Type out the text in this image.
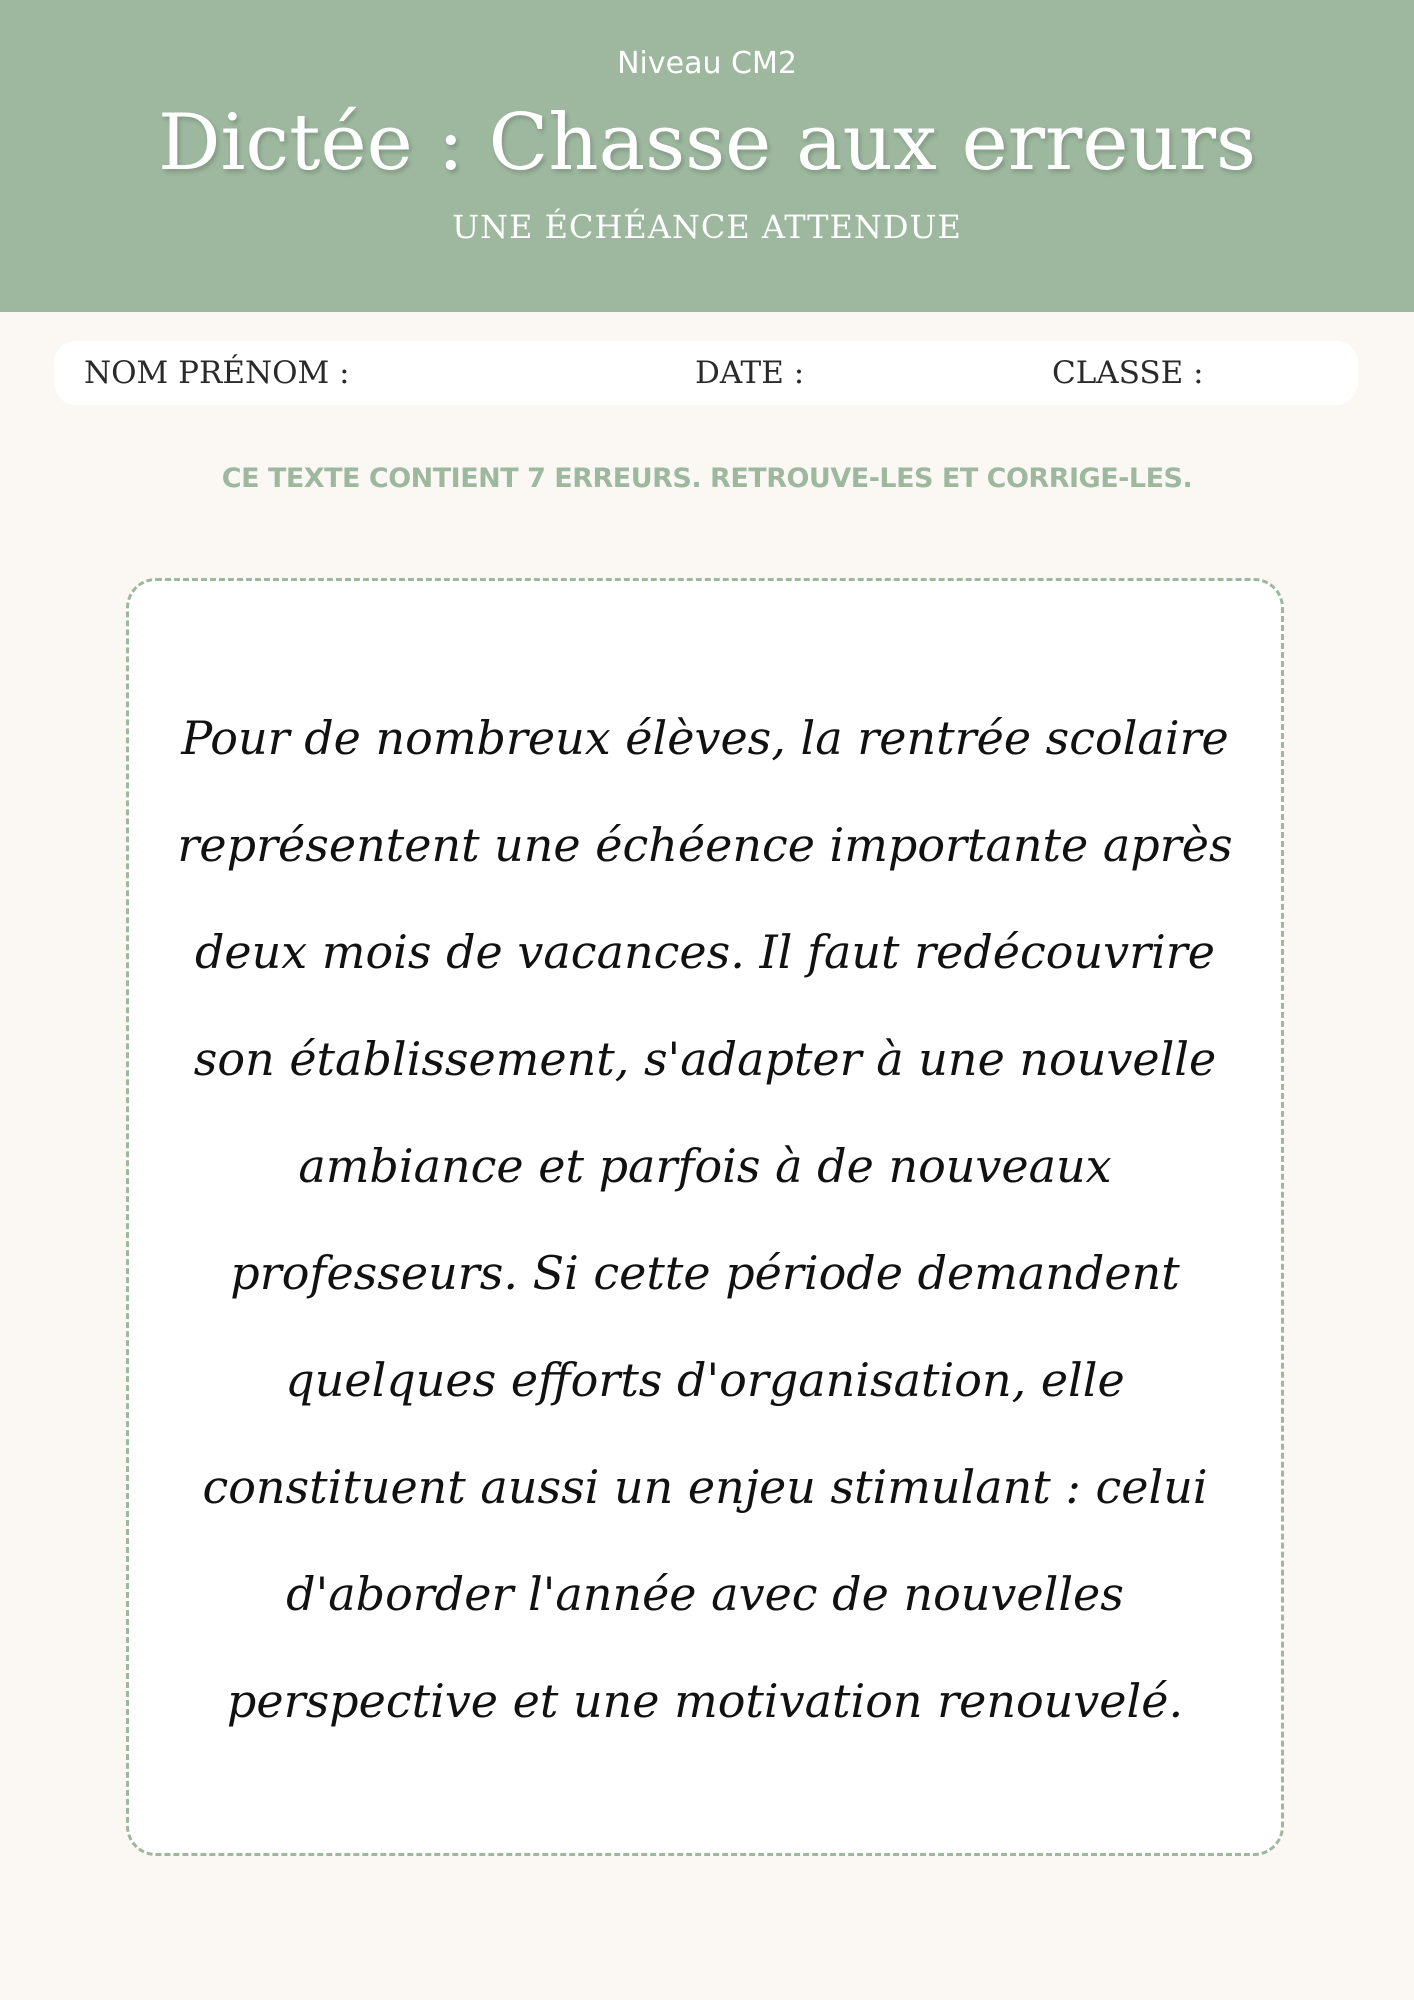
Niveau CM2
Dictée : Chasse aux erreurs
UNE ÉCHÉANCE ATTENDUE
NOM PRÉNOM :	DATE :	CLASSE :
CE TEXTE CONTIENT 7 ERREURS. RETROUVE-LES ET CORRIGE-LES.
Pour de nombreux élèves, la rentrée scolaire
représentent une échéence importante après
deux mois de vacances. Il faut redécouvrire
son établissement, s'adapter à une nouvelle
ambiance et parfois à de nouveaux
professeurs. Si cette période demandent
quelques efforts d'organisation, elle
constituent aussi un enjeu stimulant : celui
d'aborder l'année avec de nouvelles
perspective et une motivation renouvelé.
